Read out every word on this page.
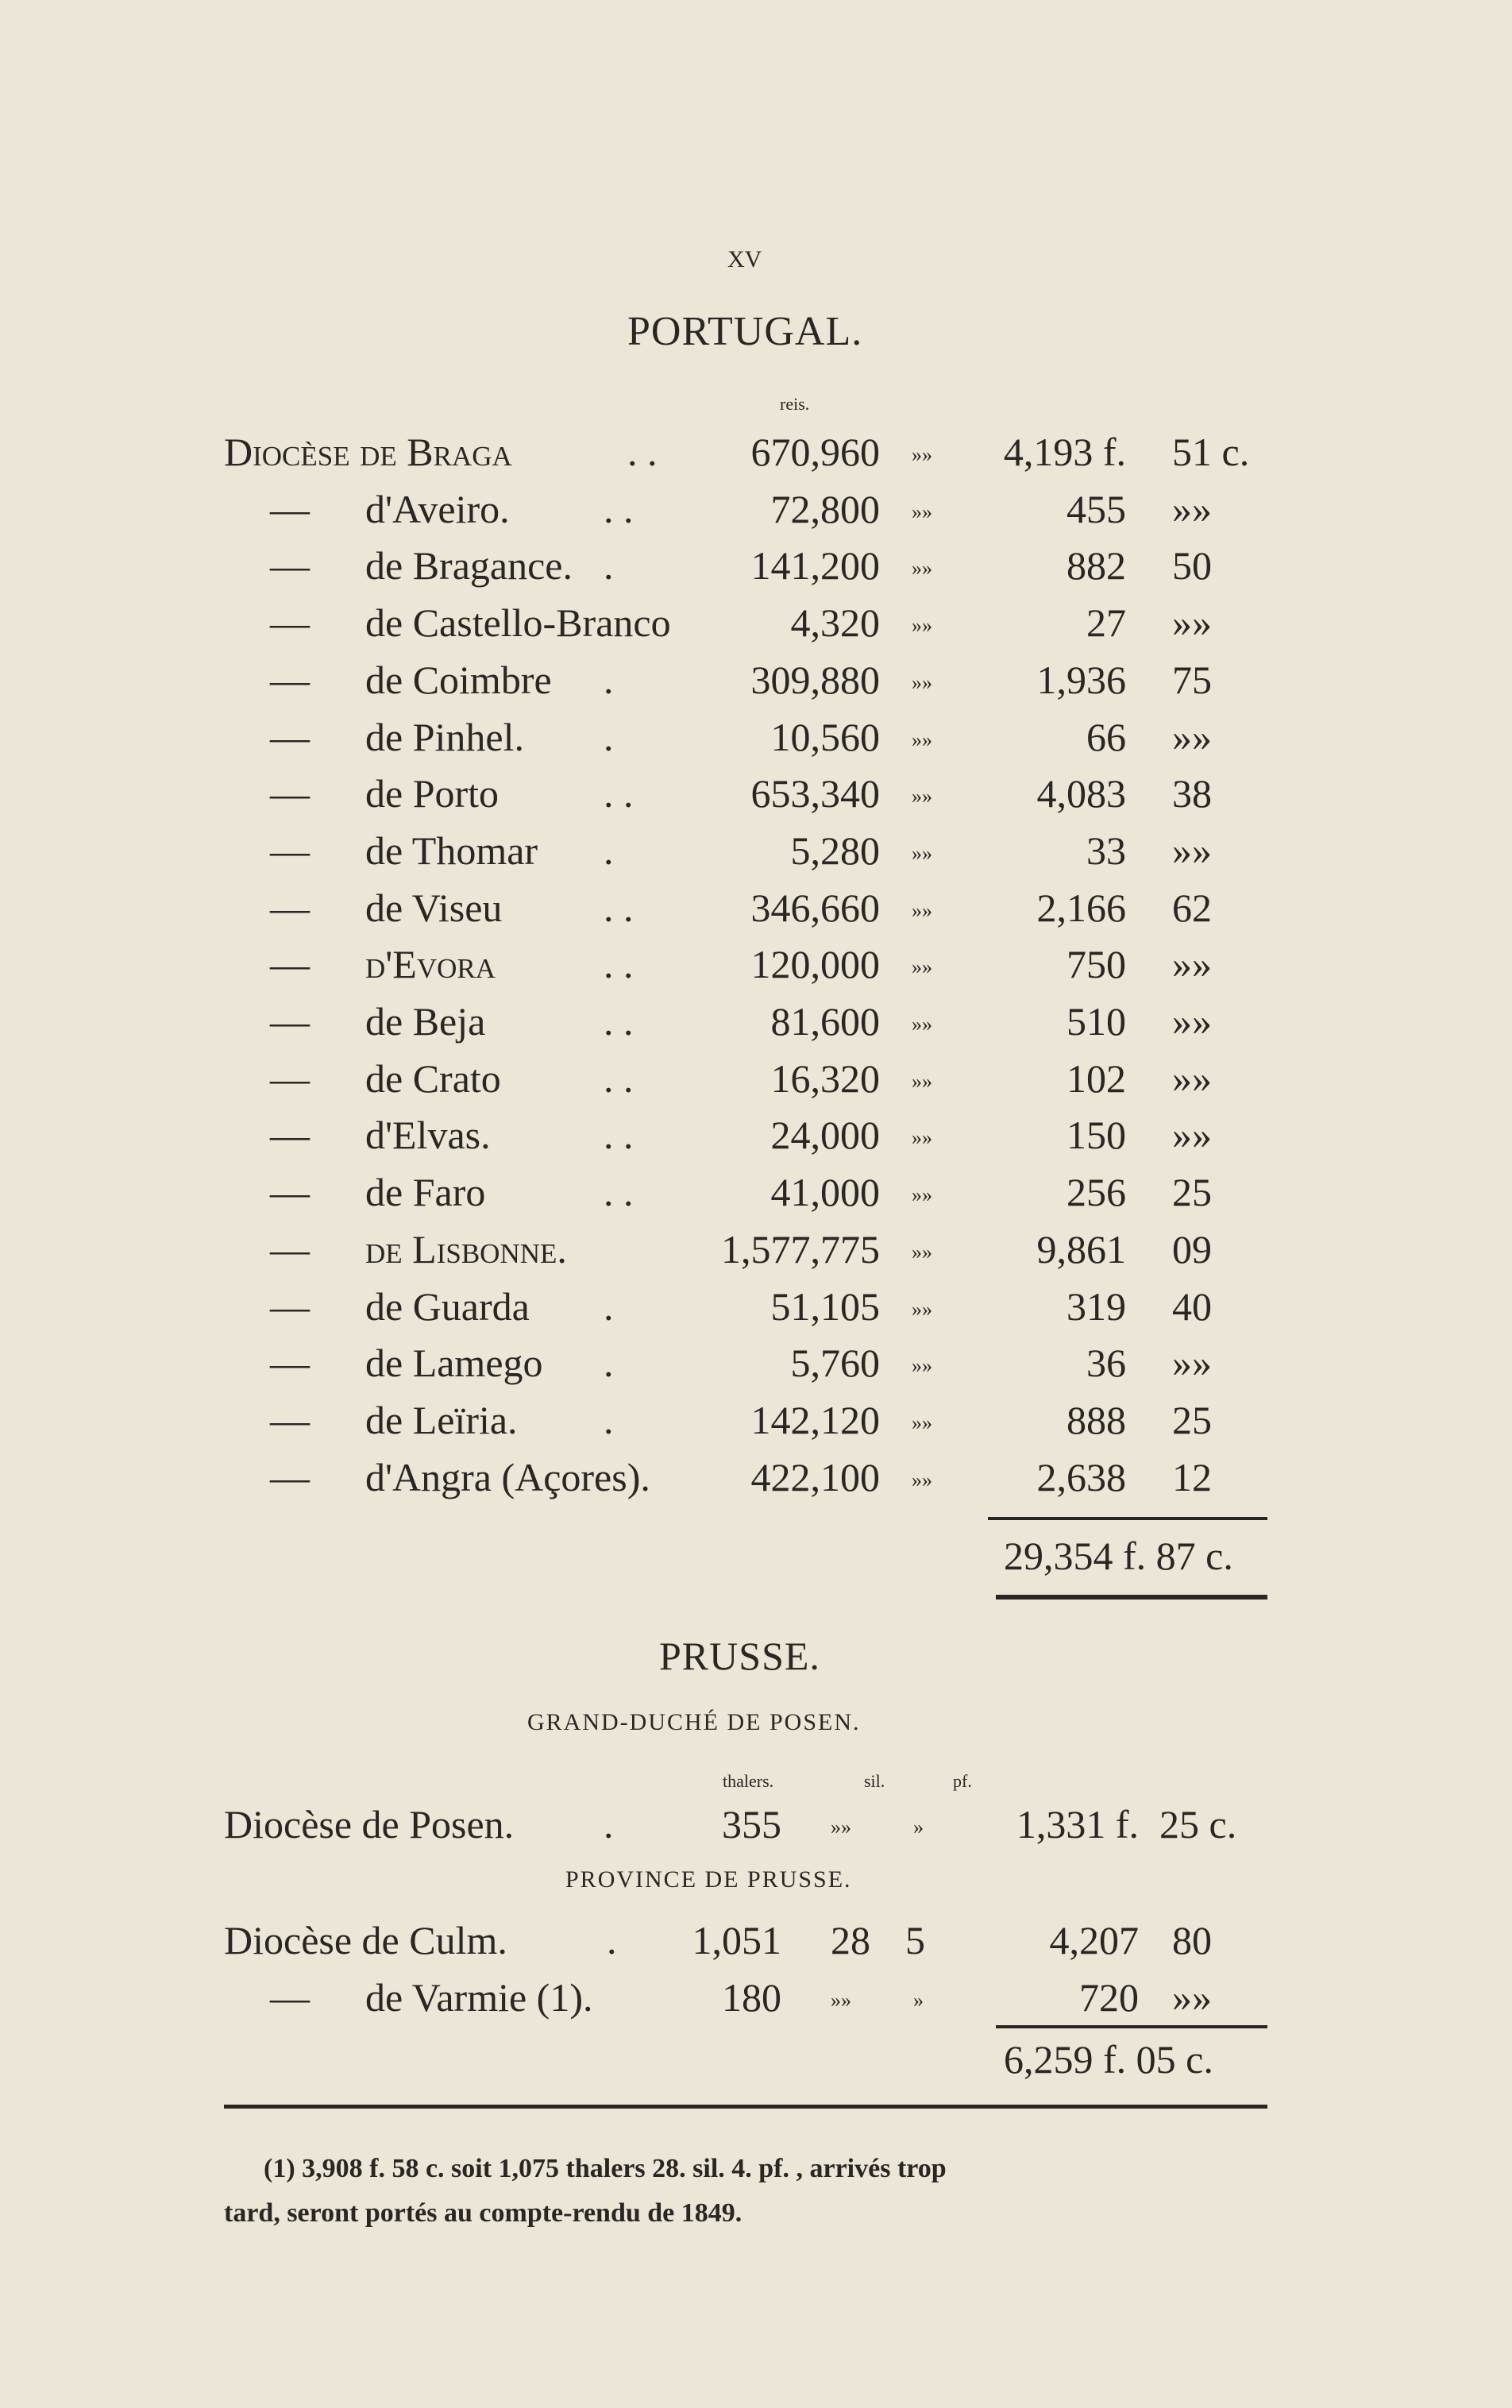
XV
PORTUGAL.
reis.
Diocèse de Braga	. . 670,960 »» 4,193 f. 51 c.
— d'Aveiro. . .	72,800 »»	455 »»
— de Bragance. .	141,200 »»	882 50
— de Castello-Branco	4,320 »»	27 »»
— de Coimbre .	309,880 »»	1,936 75
— de Pinhel. .	10,560 »»	66 »»
— de Porto	. .	653,340 »»	4,083 38
— de Thomar .	5,280 »»	33 »»
— de Viseu	. .	346,660 »»	2,166 62
— d'Evora	. .	120,000 »»	750 »»
— de Beja	. .	81,600 »»	510 »»
— de Crato	. .	16,320 »»	102 »»
— d'Elvas.	. .	24,000 »»	150 »»
— de Faro	. .	41,000 »»	256 25
— de Lisbonne.	1,577,775 »»	9,861 09
— de Guarda .	51,105 »»	319 40
— de Lamego .	5,760 »»	36 »»
— de Leïria. .	142,120 »»	888 25
— d'Angra (Açores).	422,100 »»	2,638 12
29,354 f. 87 c.
PRUSSE.
GRAND-DUCHÉ DE POSEN.
thalers.	sil.	pf.
Diocèse de Posen. .	355 »»	» 1,331 f. 25 c.
PROVINCE DE PRUSSE.
Diocèse de Culm.	. 1,051 28 5	4,207 80
— de Varmie (1).	180 »»	»	720 »»
6,259 f. 05 c.
(1) 3,908 f. 58 c. soit 1,075 thalers 28. sil. 4. pf. , arrivés trop
tard, seront portés au compte-rendu de 1849.
